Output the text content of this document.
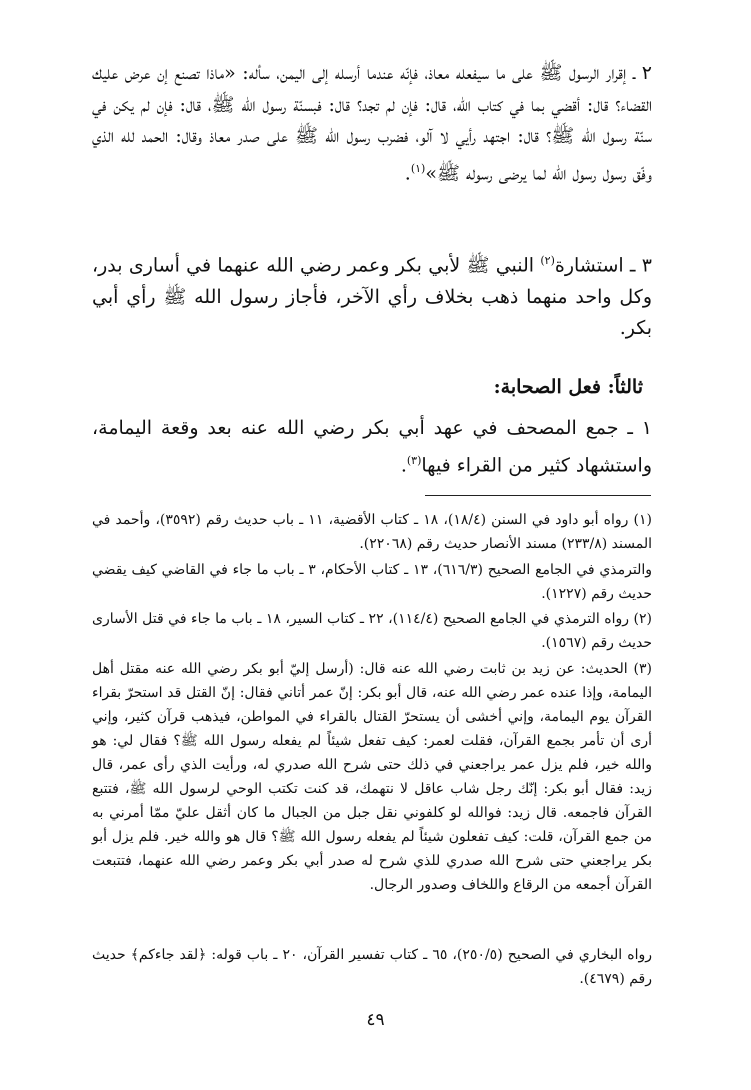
٢ ـ إقرار الرسول ﷺ على ما سيفعله معاذ، فإنّه عندما أرسله إلى اليمن، سأله: «ماذا تصنع إن عرض عليك القضاء؟ قال: أقضي بما في كتاب الله، قال: فإن لم تجد؟ قال: فبسنّة رسول الله ﷺ، قال: فإن لم يكن في سنّة رسول الله ﷺ؟ قال: اجتهد رأيي لا آلو، فضرب رسول الله ﷺ على صدر معاذ وقال: الحمد لله الذي وفّق رسول رسول الله لما يرضى رسوله ﷺ»$^{(١)}$.

٣ ـ استشارة$^{(٢)}$ النبي ﷺ لأبي بكر وعمر رضي الله عنهما في أسارى بدر، وكل واحد منهما ذهب بخلاف رأي الآخر، فأجاز رسول الله ﷺ رأي أبي بكر.

ثالثاً: فعل الصحابة:

١ ـ جمع المصحف في عهد أبي بكر رضي الله عنه بعد وقعة اليمامة، واستشهاد كثير من القراء فيها$^{(٣)}$.

(١) رواه أبو داود في السنن (١٨/٤)، ١٨ ـ كتاب الأقضية، ١١ ـ باب حديث رقم (٣٥٩٢)، وأحمد في المسند (٢٣٣/٨) مسند الأنصار حديث رقم (٢٢٠٦٨).

والترمذي في الجامع الصحيح (٦١٦/٣)، ١٣ ـ كتاب الأحكام، ٣ ـ باب ما جاء في القاضي كيف يقضي حديث رقم (١٢٢٧).

(٢) رواه الترمذي في الجامع الصحيح (١١٤/٤)، ٢٢ ـ كتاب السير، ١٨ ـ باب ما جاء في قتل الأسارى حديث رقم (١٥٦٧).

(٣) الحديث: عن زيد بن ثابت رضي الله عنه قال: (أرسل إليّ أبو بكر رضي الله عنه مقتل أهل اليمامة، وإذا عنده عمر رضي الله عنه، قال أبو بكر: إنّ عمر أتاني فقال: إنّ القتل قد استحرّ بقراء القرآن يوم اليمامة، وإني أخشى أن يستحرّ القتال بالقراء في المواطن، فيذهب قرآن كثير، وإني أرى أن تأمر بجمع القرآن، فقلت لعمر: كيف تفعل شيئاً لم يفعله رسول الله ﷺ؟ فقال لي: هو والله خير، فلم يزل عمر يراجعني في ذلك حتى شرح الله صدري له، ورأيت الذي رأى عمر، قال زيد: فقال أبو بكر: إنّك رجل شاب عاقل لا نتهمك، قد كنت تكتب الوحي لرسول الله ﷺ، فتتبع القرآن فاجمعه. قال زيد: فوالله لو كلفوني نقل جبل من الجبال ما كان أثقل عليّ ممّا أمرني به من جمع القرآن، قلت: كيف تفعلون شيئاً لم يفعله رسول الله ﷺ؟ قال هو والله خير. فلم يزل أبو بكر يراجعني حتى شرح الله صدري للذي شرح له صدر أبي بكر وعمر رضي الله عنهما، فتتبعت القرآن أجمعه من الرقاع واللخاف وصدور الرجال.

رواه البخاري في الصحيح (٢٥٠/٥)، ٦٥ ـ كتاب تفسير القرآن، ٢٠ ـ باب قوله: ﴿لقد جاءكم﴾ حديث رقم (٤٦٧٩).

٤٩
